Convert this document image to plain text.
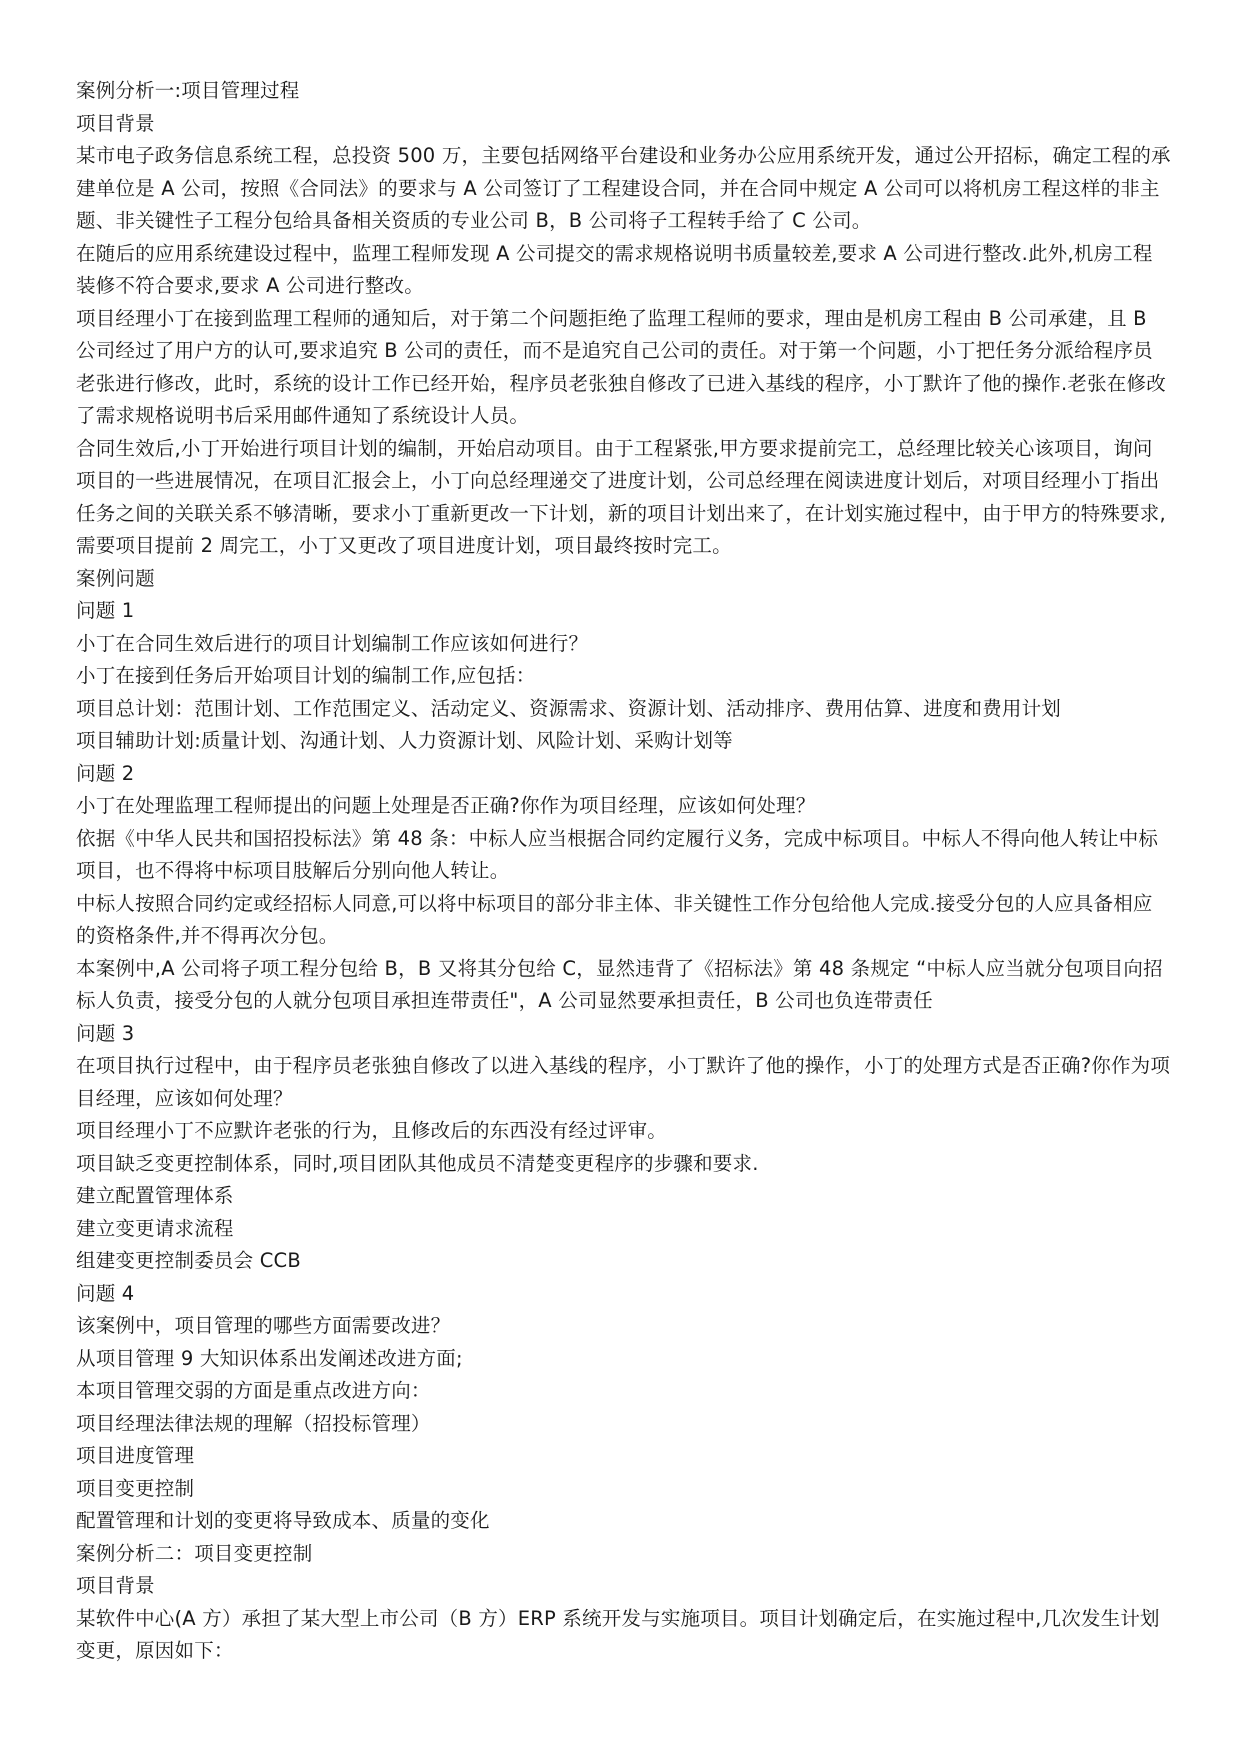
案例分析一:项目管理过程

项目背景

某市电子政务信息系统工程，总投资 500 万，主要包括网络平台建设和业务办公应用系统开发，通过公开招标，确定工程的承建单位是 A 公司，按照《合同法》的要求与 A 公司签订了工程建设合同，并在合同中规定 A 公司可以将机房工程这样的非主题、非关键性子工程分包给具备相关资质的专业公司 B，B 公司将子工程转手给了 C 公司。

在随后的应用系统建设过程中，监理工程师发现 A 公司提交的需求规格说明书质量较差,要求 A 公司进行整改.此外,机房工程装修不符合要求,要求 A 公司进行整改。

项目经理小丁在接到监理工程师的通知后，对于第二个问题拒绝了监理工程师的要求，理由是机房工程由 B 公司承建，且 B 公司经过了用户方的认可,要求追究 B 公司的责任，而不是追究自己公司的责任。对于第一个问题，小丁把任务分派给程序员老张进行修改，此时，系统的设计工作已经开始，程序员老张独自修改了已进入基线的程序，小丁默许了他的操作.老张在修改了需求规格说明书后采用邮件通知了系统设计人员。

合同生效后,小丁开始进行项目计划的编制，开始启动项目。由于工程紧张,甲方要求提前完工，总经理比较关心该项目，询问项目的一些进展情况，在项目汇报会上，小丁向总经理递交了进度计划，公司总经理在阅读进度计划后，对项目经理小丁指出任务之间的关联关系不够清晰，要求小丁重新更改一下计划，新的项目计划出来了，在计划实施过程中，由于甲方的特殊要求,需要项目提前 2 周完工，小丁又更改了项目进度计划，项目最终按时完工。

案例问题

问题 1

小丁在合同生效后进行的项目计划编制工作应该如何进行？

小丁在接到任务后开始项目计划的编制工作,应包括：

项目总计划：范围计划、工作范围定义、活动定义、资源需求、资源计划、活动排序、费用估算、进度和费用计划

项目辅助计划:质量计划、沟通计划、人力资源计划、风险计划、采购计划等

问题 2

小丁在处理监理工程师提出的问题上处理是否正确?你作为项目经理，应该如何处理？

依据《中华人民共和国招投标法》第 48 条：中标人应当根据合同约定履行义务，完成中标项目。中标人不得向他人转让中标项目，也不得将中标项目肢解后分别向他人转让。

中标人按照合同约定或经招标人同意,可以将中标项目的部分非主体、非关键性工作分包给他人完成.接受分包的人应具备相应的资格条件,并不得再次分包。

本案例中,A 公司将子项工程分包给 B，B 又将其分包给 C，显然违背了《招标法》第 48 条规定 “中标人应当就分包项目向招标人负责，接受分包的人就分包项目承担连带责任"，A 公司显然要承担责任，B 公司也负连带责任

问题 3

在项目执行过程中，由于程序员老张独自修改了以进入基线的程序，小丁默许了他的操作，小丁的处理方式是否正确?你作为项目经理，应该如何处理？

项目经理小丁不应默许老张的行为，且修改后的东西没有经过评审。

项目缺乏变更控制体系，同时,项目团队其他成员不清楚变更程序的步骤和要求.

建立配置管理体系

建立变更请求流程

组建变更控制委员会 CCB

问题 4

该案例中，项目管理的哪些方面需要改进？

从项目管理 9 大知识体系出发阐述改进方面;

本项目管理交弱的方面是重点改进方向：

项目经理法律法规的理解（招投标管理）

项目进度管理

项目变更控制

配置管理和计划的变更将导致成本、质量的变化

案例分析二：项目变更控制

项目背景

某软件中心(A 方）承担了某大型上市公司（B 方）ERP 系统开发与实施项目。项目计划确定后，在实施过程中,几次发生计划变更，原因如下：
